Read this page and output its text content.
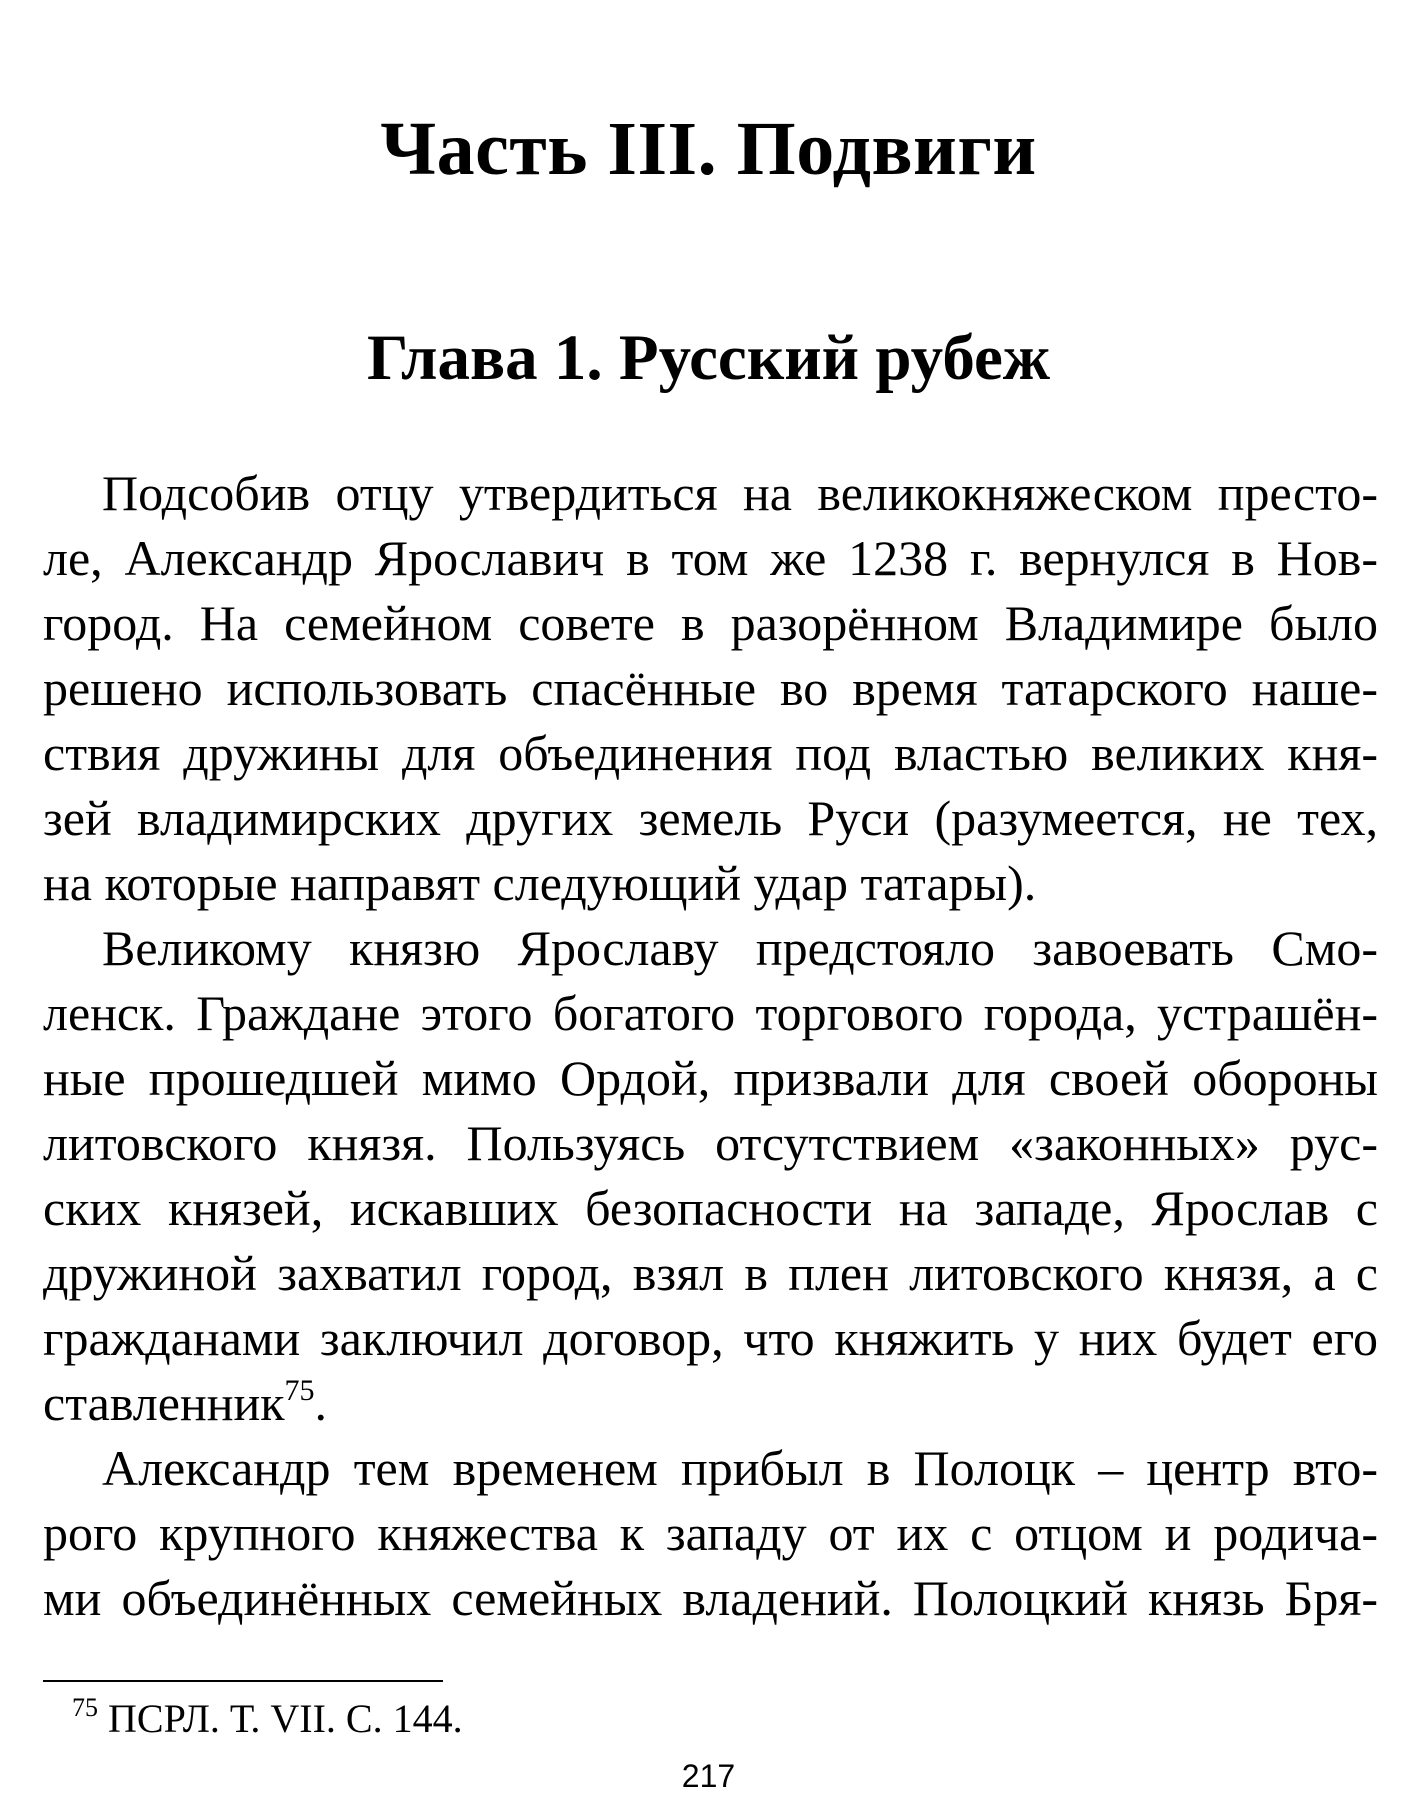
Часть III. Подвиги
Глава 1. Русский рубеж
Подсобив отцу утвердиться на великокняжеском престо-
ле, Александр Ярославич в том же 1238 г. вернулся в Нов-
город. На семейном совете в разорённом Владимире было
решено использовать спасённые во время татарского наше-
ствия дружины для объединения под властью великих кня-
зей владимирских других земель Руси (разумеется, не тех,
на которые направят следующий удар татары).
Великому князю Ярославу предстояло завоевать Смо-
ленск. Граждане этого богатого торгового города, устрашён-
ные прошедшей мимо Ордой, призвали для своей обороны
литовского князя. Пользуясь отсутствием «законных» рус-
ских князей, искавших безопасности на западе, Ярослав с
дружиной захватил город, взял в плен литовского князя, а с
гражданами заключил договор, что княжить у них будет его
ставленник$^{75}$.
Александр тем временем прибыл в Полоцк – центр вто-
рого крупного княжества к западу от их с отцом и родича-
ми объединённых семейных владений. Полоцкий князь Бря-
$^{75}$ ПСРЛ. Т. VII. С. 144.
217
